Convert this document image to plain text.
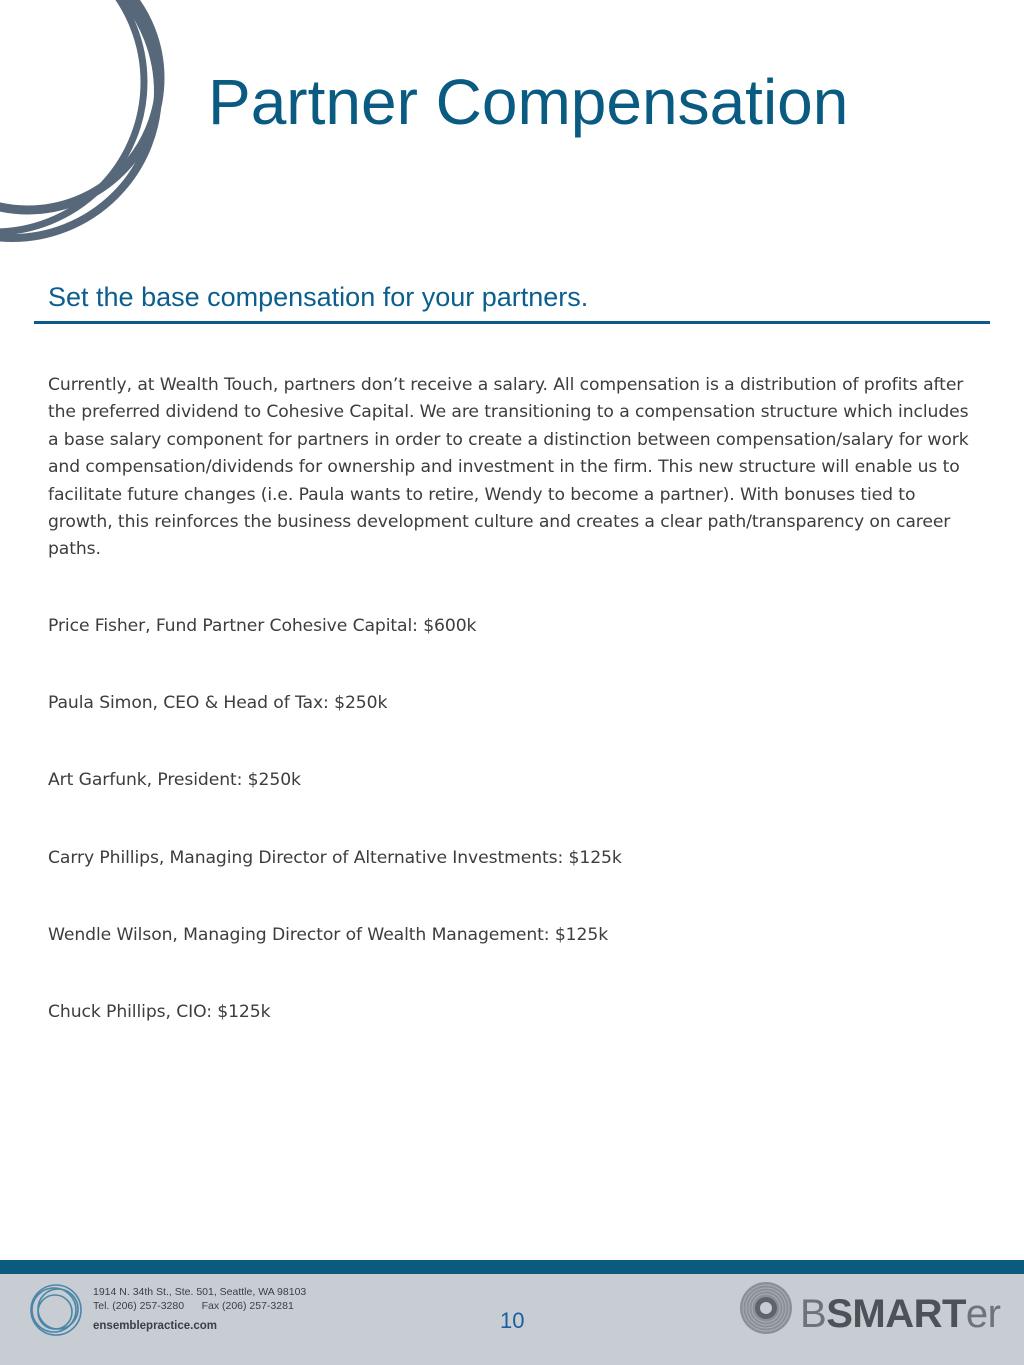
Partner Compensation
Set the base compensation for your partners.

Currently, at Wealth Touch, partners don’t receive a salary. All compensation is a distribution of profits after the preferred dividend to Cohesive Capital. We are transitioning to a compensation structure which includes a base salary component for partners in order to create a distinction between compensation/salary for work and compensation/dividends for ownership and investment in the firm. This new structure will enable us to facilitate future changes (i.e. Paula wants to retire, Wendy to become a partner). With bonuses tied to growth, this reinforces the business development culture and creates a clear path/transparency on career paths.

Price Fisher, Fund Partner Cohesive Capital: $600k
Paula Simon, CEO & Head of Tax: $250k
Art Garfunk, President: $250k
Carry Phillips, Managing Director of Alternative Investments: $125k
Wendle Wilson, Managing Director of Wealth Management: $125k
Chuck Phillips, CIO: $125k
1914 N. 34th St., Ste. 501, Seattle, WA 98103
Tel. (206) 257-3280      Fax (206) 257-3281
ensemblepractice.com	10	BSMARTer
